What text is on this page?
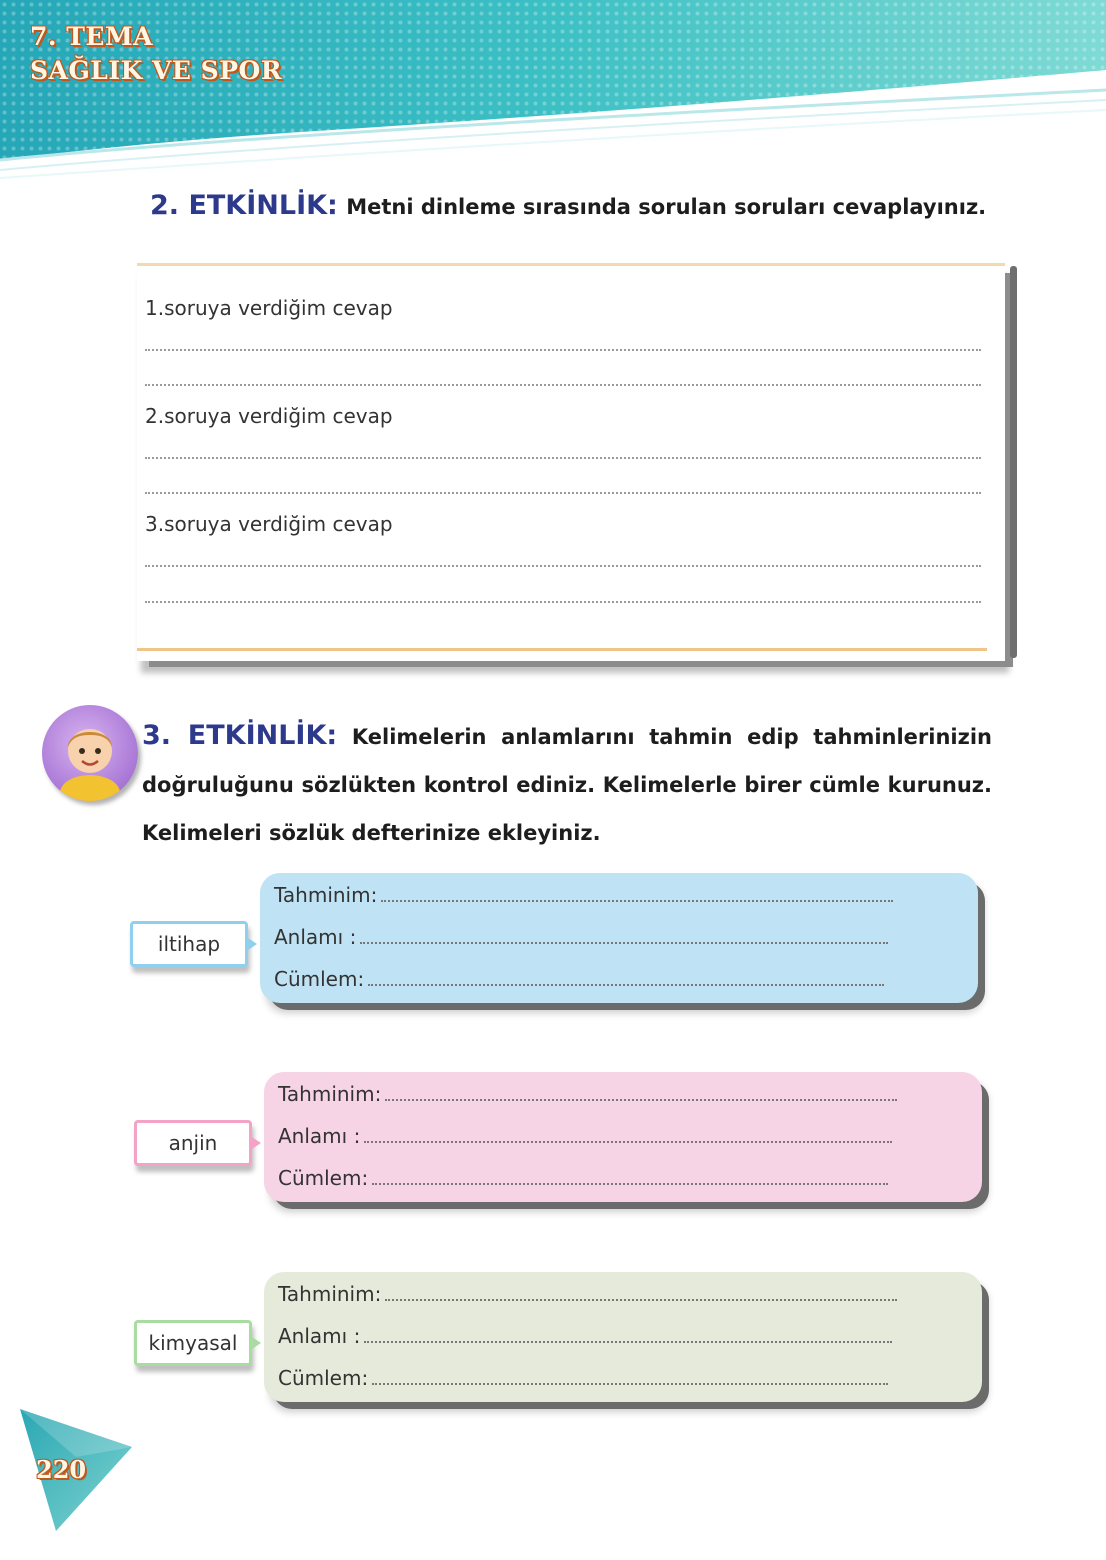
7. TEMA
SAĞLIK VE SPOR
2. ETKİNLİK: Metni dinleme sırasında sorulan soruları cevaplayınız.
1.soruya verdiğim cevap
2.soruya verdiğim cevap
3.soruya verdiğim cevap
3. ETKİNLİK: Kelimelerin anlamlarını tahmin edip tahminlerinizin doğruluğunu sözlükten kontrol ediniz. Kelimelerle birer cümle kurunuz. Kelimeleri sözlük defterinize ekleyiniz.
iltihap
Tahminim:
Anlamı :
Cümlem:
anjin
Tahminim:
Anlamı :
Cümlem:
kimyasal
Tahminim:
Anlamı :
Cümlem:
220
